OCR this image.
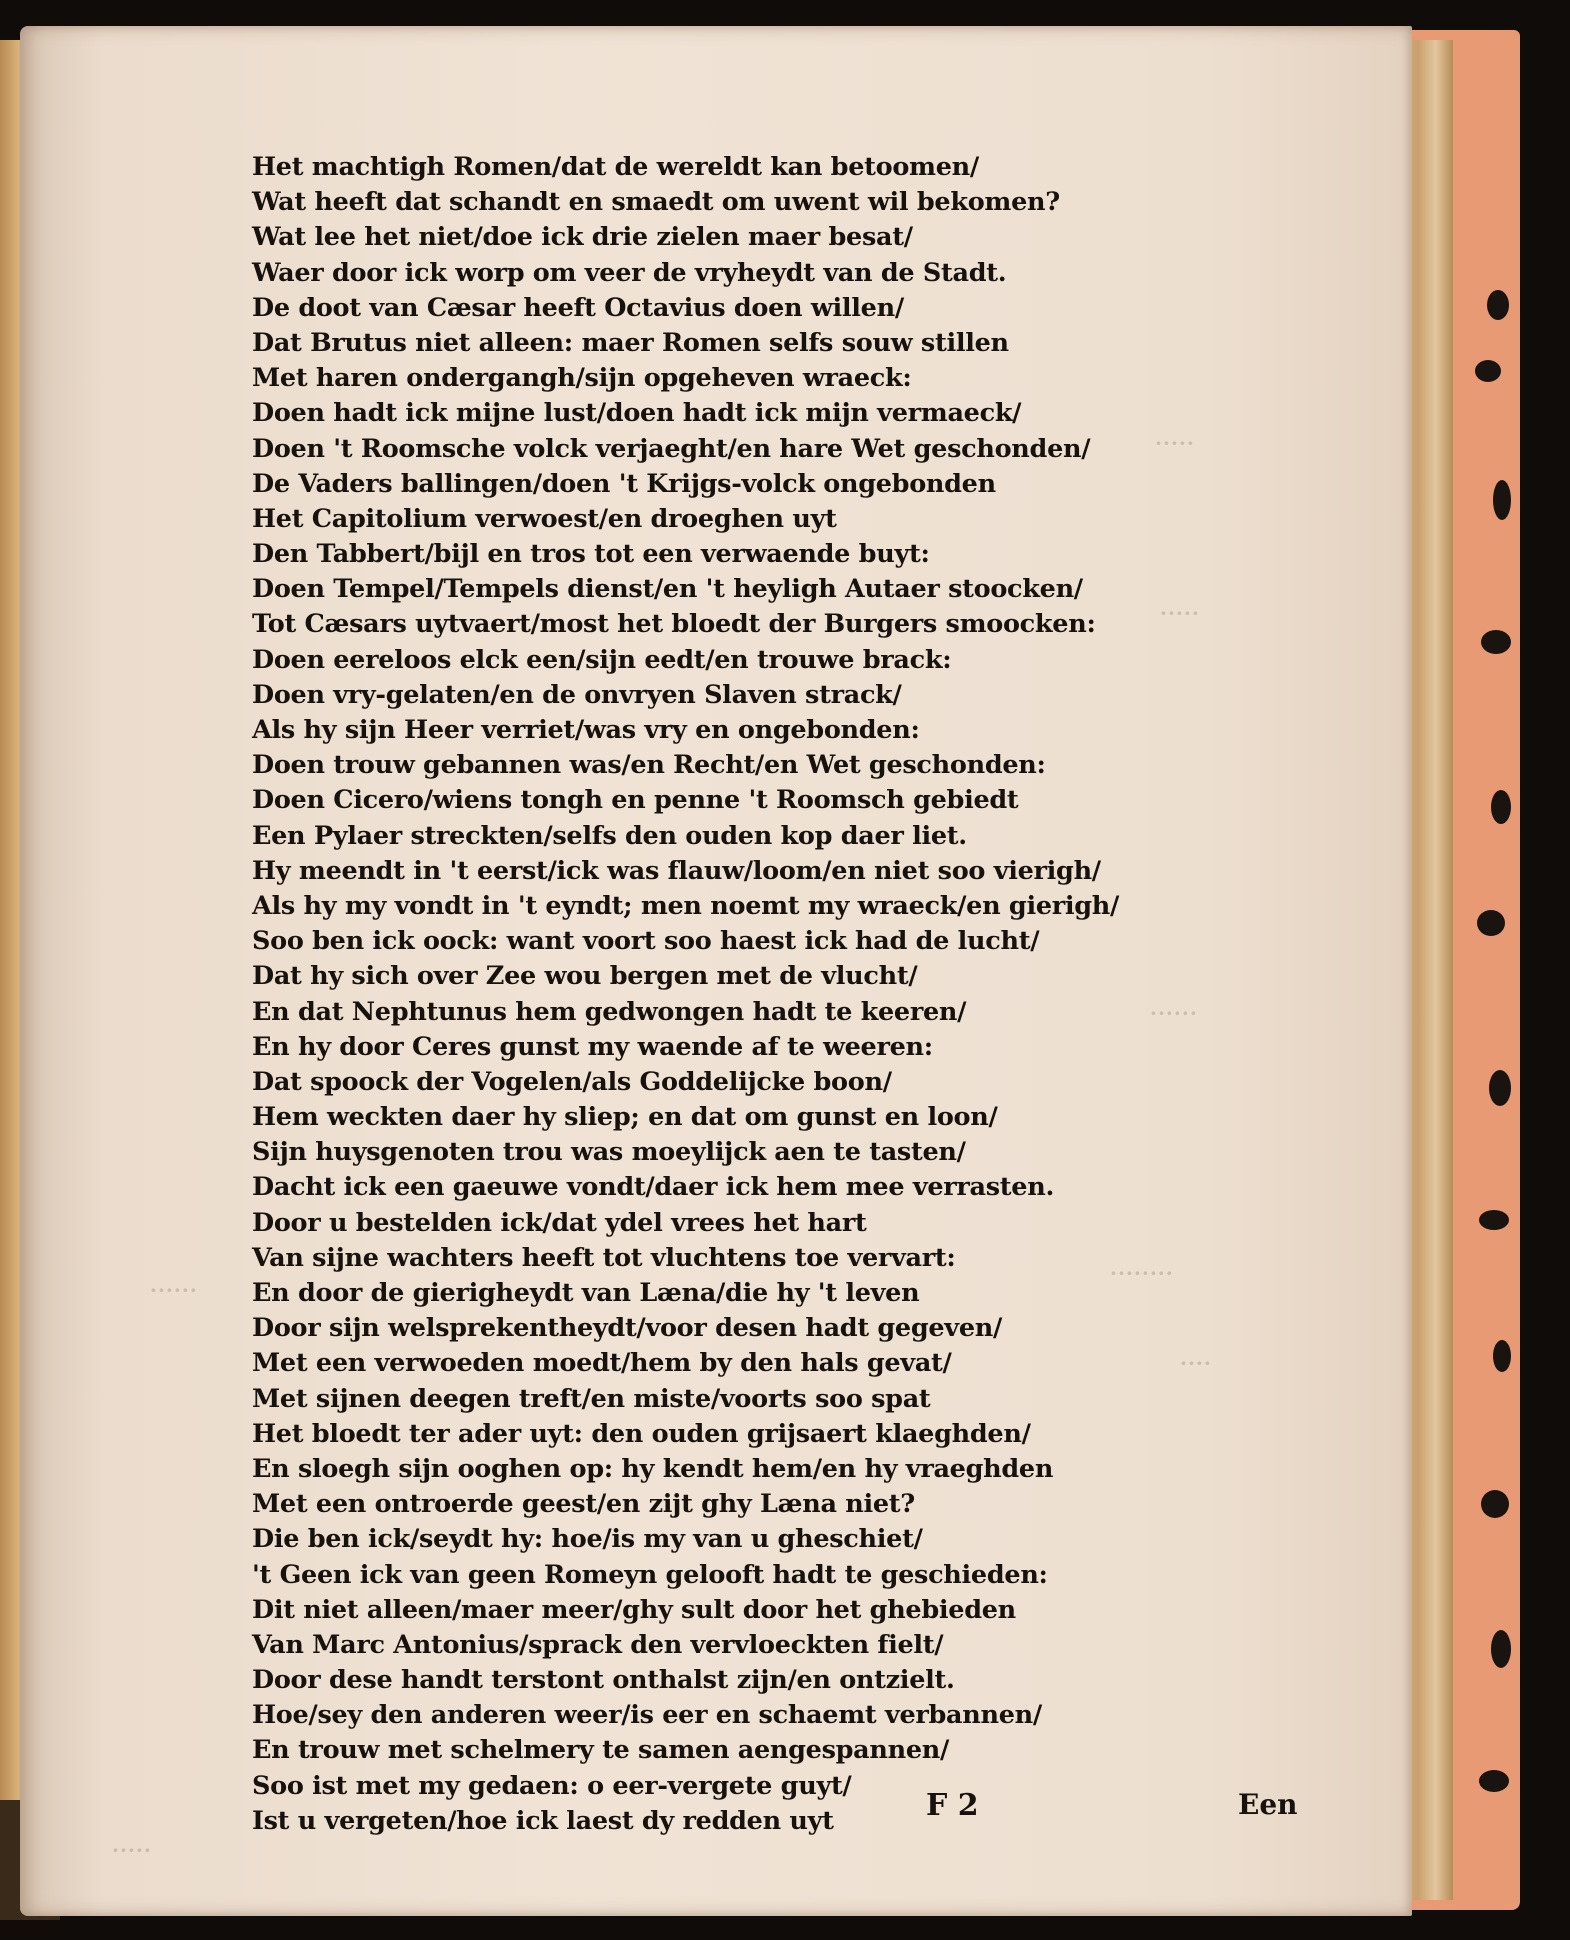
·····
·····
······
········
······
····
·····
Het machtigh Romen/dat de wereldt kan betoomen/
Wat heeft dat schandt en smaedt om uwent wil bekomen?
Wat lee het niet/doe ick drie zielen maer besat/
Waer door ick worp om veer de vryheydt van de Stadt.
De doot van Cæsar heeft Octavius doen willen/
Dat Brutus niet alleen: maer Romen selfs souw stillen
Met haren ondergangh/sijn opgeheven wraeck:
Doen hadt ick mijne lust/doen hadt ick mijn vermaeck/
Doen 't Roomsche volck verjaeght/en hare Wet geschonden/
De Vaders ballingen/doen 't Krijgs-volck ongebonden
Het Capitolium verwoest/en droeghen uyt
Den Tabbert/bijl en tros tot een verwaende buyt:
Doen Tempel/Tempels dienst/en 't heyligh Autaer stoocken/
Tot Cæsars uytvaert/most het bloedt der Burgers smoocken:
Doen eereloos elck een/sijn eedt/en trouwe brack:
Doen vry-gelaten/en de onvryen Slaven strack/
Als hy sijn Heer verriet/was vry en ongebonden:
Doen trouw gebannen was/en Recht/en Wet geschonden:
Doen Cicero/wiens tongh en penne 't Roomsch gebiedt
Een Pylaer streckten/selfs den ouden kop daer liet.
Hy meendt in 't eerst/ick was flauw/loom/en niet soo vierigh/
Als hy my vondt in 't eyndt; men noemt my wraeck/en gierigh/
Soo ben ick oock: want voort soo haest ick had de lucht/
Dat hy sich over Zee wou bergen met de vlucht/
En dat Nephtunus hem gedwongen hadt te keeren/
En hy door Ceres gunst my waende af te weeren:
Dat spoock der Vogelen/als Goddelijcke boon/
Hem weckten daer hy sliep; en dat om gunst en loon/
Sijn huysgenoten trou was moeylijck aen te tasten/
Dacht ick een gaeuwe vondt/daer ick hem mee verrasten.
Door u bestelden ick/dat ydel vrees het hart
Van sijne wachters heeft tot vluchtens toe vervart:
En door de gierigheydt van Læna/die hy 't leven
Door sijn welsprekentheydt/voor desen hadt gegeven/
Met een verwoeden moedt/hem by den hals gevat/
Met sijnen deegen treft/en miste/voorts soo spat
Het bloedt ter ader uyt: den ouden grijsaert klaeghden/
En sloegh sijn ooghen op: hy kendt hem/en hy vraeghden
Met een ontroerde geest/en zijt ghy Læna niet?
Die ben ick/seydt hy: hoe/is my van u gheschiet/
't Geen ick van geen Romeyn gelooft hadt te geschieden:
Dit niet alleen/maer meer/ghy sult door het ghebieden
Van Marc Antonius/sprack den vervloeckten fielt/
Door dese handt terstont onthalst zijn/en ontzielt.
Hoe/sey den anderen weer/is eer en schaemt verbannen/
En trouw met schelmery te samen aengespannen/
Soo ist met my gedaen: o eer-vergete guyt/
Ist u vergeten/hoe ick laest dy redden uyt	F 2	Een
